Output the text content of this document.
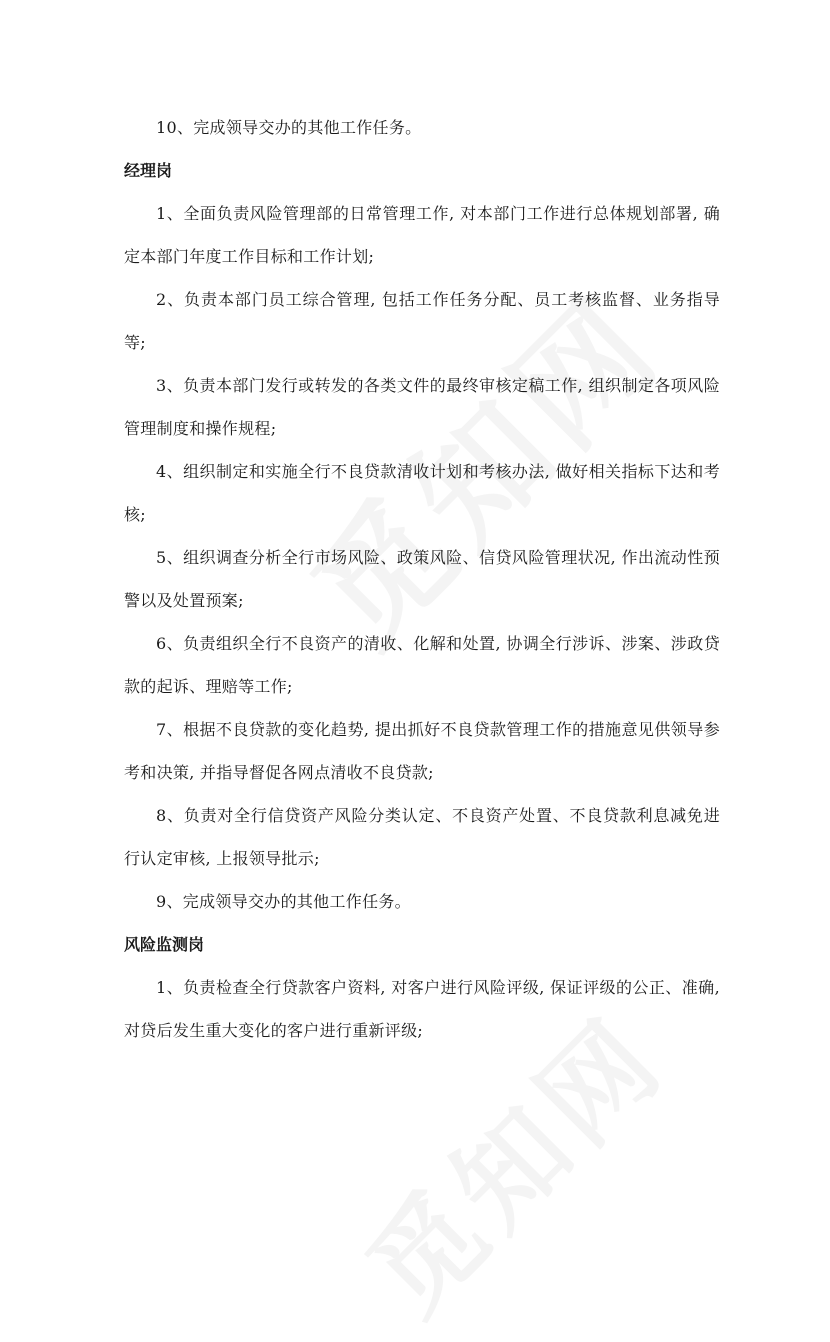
10、完成领导交办的其他工作任务。

经理岗

1、全面负责风险管理部的日常管理工作, 对本部门工作进行总体规划部署, 确定本部门年度工作目标和工作计划;

2、负责本部门员工综合管理, 包括工作任务分配、员工考核监督、业务指导等;

3、负责本部门发行或转发的各类文件的最终审核定稿工作, 组织制定各项风险管理制度和操作规程;

4、组织制定和实施全行不良贷款清收计划和考核办法, 做好相关指标下达和考核;

5、组织调查分析全行市场风险、政策风险、信贷风险管理状况, 作出流动性预警以及处置预案;

6、负责组织全行不良资产的清收、化解和处置, 协调全行涉诉、涉案、涉政贷款的起诉、理赔等工作;

7、根据不良贷款的变化趋势, 提出抓好不良贷款管理工作的措施意见供领导参考和决策, 并指导督促各网点清收不良贷款;

8、负责对全行信贷资产风险分类认定、不良资产处置、不良贷款利息减免进行认定审核, 上报领导批示;

9、完成领导交办的其他工作任务。

风险监测岗

1、负责检查全行贷款客户资料, 对客户进行风险评级, 保证评级的公正、准确, 对贷后发生重大变化的客户进行重新评级;
